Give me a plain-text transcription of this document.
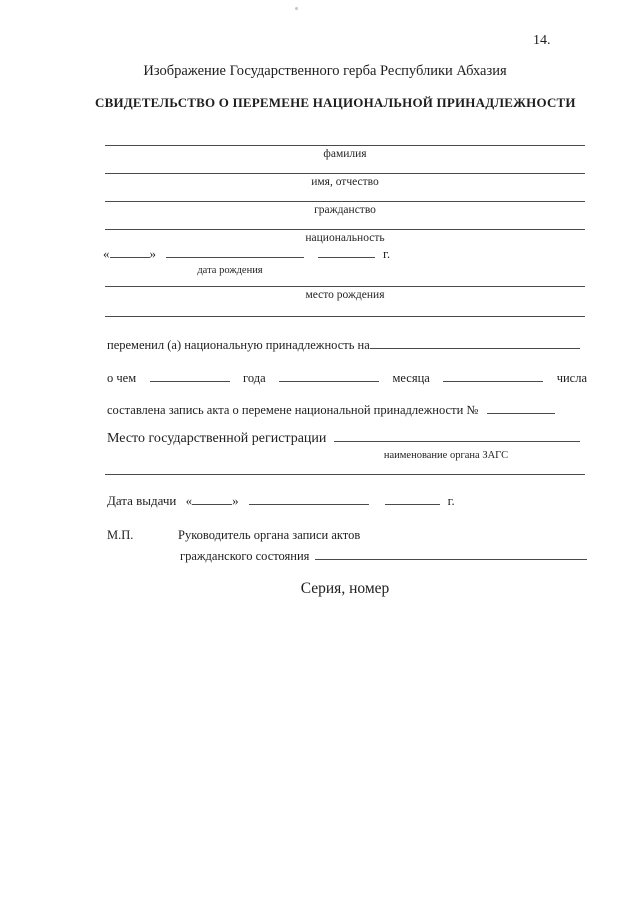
14.
Изображение Государственного герба Республики Абхазия
СВИДЕТЕЛЬСТВО О ПЕРЕМЕНЕ НАЦИОНАЛЬНОЙ ПРИНАДЛЕЖНОСТИ
фамилия
имя, отчество
гражданство
национальность
«	»	г.
дата рождения
место рождения
переменил (а) национальную принадлежность на
о чем	года	месяца	числа
составлена запись акта о перемене национальной принадлежности №
Место государственной регистрации
наименование органа ЗАГС
Дата выдачи «	»	г.
М.П.	Руководитель органа записи актов
гражданского состояния
Серия, номер
